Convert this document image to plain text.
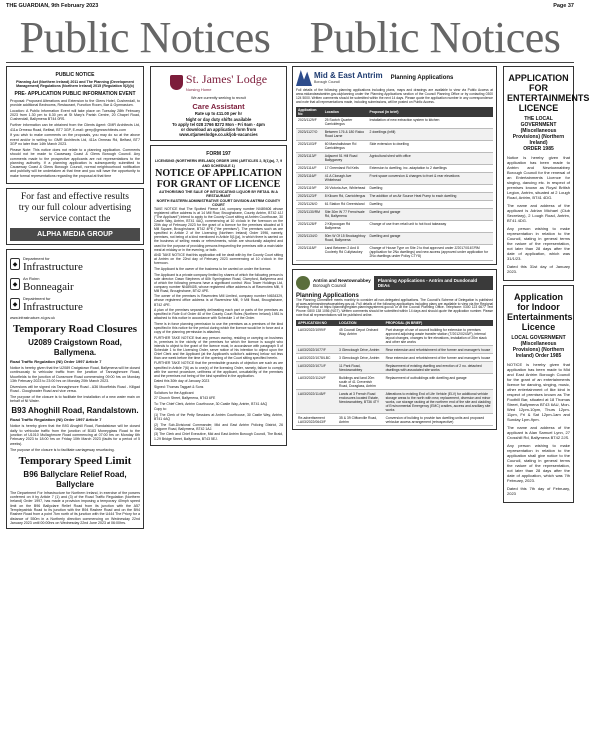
THE GUARDIAN, 9th February 2023	Page 37
Public Notices Public Notices
PUBLIC NOTICE
Planning Act (Northern Ireland) 2011 and The Planning (Development Management) Regulations (Northern Ireland) 2015 (Regulation 5(2)(b)
PRE- APPLICATION PUBLIC INFORMATION EVENT

Proposal: Proposed Alterations and Extension to the Glens Hotel, Cushendall, to provide additional Bedrooms, Restaurant, Function Room, Bar & Gymnasium.

Location: A Public Information Event will take place on Tuesday 28th February 2023 from 1.30 pm to 6.30 pm at St Mary's Parish Centre, 20 Chapel Road, Cushendall, Ballymena BT44 0RS.

Further information can be obtained from the Clients Agent: GMR Architects Ltd, 411a Ormeau Road, Belfast, BT7 3GP, E-mail: gerry@gmrarchitects.com

If you wish to make comments on the proposals, you may do so at the above event and/or in writing to: GMR Architects Ltd, 411a Ormeau Rd, Belfast, BT7 3GP no later than 14th March 2023.

Please Note: This notice does not relate to a planning application. Comments should not be made to Causeway Coast & Glens Borough Council. Any comments made to the prospective applicants are not representations to the planning authority. If a planning application is subsequently submitted to Causeway Coast & Glens Borough Council, normal neighbourhood notification and publicity will be undertaken at that time and you will have the opportunity to make formal representations regarding the proposal at that time

For fast and effective results
try our full colour advertising
service contact the
ALPHA MEDIA GROUP
◆
Department for
Infrastructure
◆
An Roinn
Bonneagair
◆
Depairtment fur
Infrastructure
www.infrastructure-ni.gov.uk
Temporary Road Closures
U2089 Craigstown Road, Ballymena.
Road Traffic Regulation (NI) Order 1997 Article 7

Notice is hereby given that the U2089 Craigstown Road, Ballymena will be closed continuously to vehicular traffic from the junction of Tannaghmore Road, Moorfields to the junction of Dunsmore Road commencing 09:00 hrs on Monday 13th February 2023 to 23:00 hrs on Monday 20th March 2023.

Diversions will be signed via Tannaghmore Road - A36 Moorfields Road - Killgad Road - Cloughwater Road and vice versa.

The purpose of the closure is to facilitate the installation of a new water main on behalf of NI Water.

B93 Ahoghill Road, Randalstown.
Road Traffic Regulation (NI) Order 1997 Article 7

Notice is hereby given that the B93 Ahoghill Road, Randalstown will be closed daily to vehicular traffic from the junction of B183 Moneyglass Road to the junction of U1010 Mullaghmore Road commencing at 07:00 hrs on Monday 6th February 2023 to 18:00 hrs on Friday 10th March 2023 (faults for a period of 5 weeks).

The purpose of the closure is to facilitate carriageway resurfacing.

Temporary Speed Limit
B96 Ballyclare Relief Road, Ballyclare
The Department For Infrastructure for Northern Ireland, in exercise of the powers conferred on it by Article 7 (1) and (3) of the Road Traffic Regulation (Northern Ireland) Order 1997, has made a provision imposing a temporary 40mph speed limit on the B96 Ballyclare Relief Road from its junction with the A57 Templepatrick Road to its junction with the B94 Rashee Road and on the B94 Rashee Road from a point 7km north of its junction with the U444 The Priory for a distance of 550m in a Northerly direction commencing on Wednesday 22nd January 2023 until 00:00hrs on Wednesday 22nd June 2023 at 06:00hrs.
St. James' Lodge
Nursing Home
We are currently seeking to recruit
Care Assistant
Rate up to £11.00 per hr
Night or day duty shifts available
To apply tel 028 2766 8272 Mon - Fri 9am - 4pm
or download an application form from
www.stjameslodge.co.uk/job-vacancies
FORM 197
LICENSING (NORTHERN IRELAND) ORDER 1996 (ARTICLES 2, 5(1)(a), 7, 9 AND SCHEDULE 1)
NOTICE OF APPLICATION FOR GRANT OF LICENCE
AUTHORISING THE SALE OF INTOXICATING LIQUOR BY RETAIL IN A RESTAURANT
NORTH EASTERN ADMINISTRATIVE COURT DIVISION ANTRIM COUNTY COURT

TAKE NOTICE that The Spotted Fleece Ltd, company number NI489406 whose registered office address is at 14 Mill Row, Broughshane, County Antrim, BT42 4JJ ("The Applicant") intend to apply to the County Court sitting at Antrim Courthouse, 30 Castle Way, Antrim, BT41 4AQ, commencing at 10 o'clock in the forenoon on the 20th day of February 2023 for the grant of a licence for the premises situated at 5 Mill Square, Broughshane, BT42 4PE ("the premises"). The premises such as are specified in Article 2 of the Licensing (Northern Ireland) Order 1996, namely, premises, not being of a kind mentioned in Article 5(1)(a), in which there is carried on the business of selling meals or refreshments, which are structurally adapted and used for the purpose of providing persons frequenting the premises with a main table meal at midday or in the evening, or both.

AND TAKE NOTICE that this application will be dealt with by the County Court sitting at Antrim on the 22nd day of February 2023 commencing at 10 o'clock in the forenoon.

The Applicant is the owner of the business to be carried on under the licence.

The Applicant is a private company limited by shares of which the following person is sole director: Dawn Stephens of 60b Symingtown Road, Clarryford, Ballymena and of which the following persons have a significant control: Woo Tower Holdings Ltd, company number NI489405, whose registered office address is at Ravenview Mill, 9 Mill Road, Broughshane, BT42 4PE.

The owner of the premises is Ravenview Mill Limited, company number NI634329, whose registered office address is at Ravenview Mill, 9 Mill Road, Broughshane, BT42 4PE.

A plan of the premises separately delineating each part or parts of the premises as specified in Rule 6 of Order 40 of the County Court Rules (Northern Ireland) 1981 is attached to this notice in accordance with Schedule 1 of the Order.

There is in force planning permission to use the premises as a premises of the kind specified in this notice for the period during which the licence would be in force and a copy of the planning permission is attached.

FURTHER TAKE NOTICE that any person owning, residing or carrying on business in, premises in the vicinity of the premises for which the licence is sought who intends to object to the grant of the licence must, in accordance with paragraph 5 of Schedule 1 to the Licensing Order, serve notice of his intention to object upon the Chief Clerk and the Applicant (at the Applicant's solicitor's address) below not less than one week before the time of the opening of the Court sitting specified herein.

FURTHER TAKE NOTICE that the permissible grounds of objection are such as are specified in Article 7(6) as to one(s) of the licensing Order, namely, failure to comply with the correct procedure, unfitness of the applicant, unsuitability of the premises and the premises not being of the kind specified in the application.

Dated this 30th day of January 2023

Signed: Thomas Taggart & Sons

Solicitors for the Applicant

27 Church Street, Ballymena, BT43 6FE

To: The Chief Clerk, Antrim Courthouse, 30 Castle Way, Antrim, BT41 4AQ

Copy to:

(1) The Clerk of the Petty Sessions at Antrim Courthouse, 30 Castle Way, Antrim, BT41 4AQ

(2) The Sub-Divisional Commander, Mid and East Antrim Policing District, 26 Galgorm Road, Ballymena, BT42 1AJ.

(3) The Clerk and Chief Executive, Mid and East Antrim Borough Council, The Braid, 1-29 Bridge Street, Ballymena, BT43 5EJ.

Mid & East Antrim
Borough Council
Planning Applications
Full details of the following planning applications including plans, maps and drawings are available to view via Public Access at www.midandeastantrim.gov.uk/planning under the Planning Applications section of the Council Planning Office or by contacting 0300 124 5000. Written comments should be submitted within the next 14 days. Please quote the application number in any correspondence and note that all representations made, including submissions, will be posted on Public Access.
Application No	Location	Proposal (in brief)
2023/1129/F	25 Scotch Quarter Carrickfergus	Installation of new extraction system to kitchen
2023/1127/O	Between 176 & 180 Raloo Road Larne	2 dwellings (infill)
2023/1103/F	60 Marshallstown Rd Carrickfergus	Side extension to dwelling
2023/1113/F	Adjacent 51 Hill Road Ballygarvey	Agricultural shed with office
2023/1114/F	17 Greenland Rd Kells	Extension to dwelling, inc. adaptation to 2 dwellings
2023/1116/F	41 A Clonagh Ave Whitehead	Front space conversion & changes to front & rear elevations
2023/1119/F	26 Victoria Ave, Whitehead	Dwelling
2023/1123/F	8 Kilcarn Rd, Carrickfergus	The addition of an Air Source Heat Pump to each dwelling
2023/1126/O	61 Station Rd Greenisland	Dwelling
2023/1130/RM	Site 30m W 77 Frenchvale Rd, Ballymena	Dwelling and garage
2023/1128/F	2 Killycoogan Rd Ballymena	Change of use from retail unit to hot food takeaway
2023/1134/O	50m W Of 15 Brockaghboy Road, Ballymena	Dwelling and garage
2023/1118/F	Land Between 2 And 8 Cooleely Rd Cullybackey	Change of House Type on Site 2 to that approved under Z/2017/0167/RM (application for 2No dwellings) and new access (approved under application for 2No dwellings under Policy CTY8)
Antrim and Newtownabbey
Borough Council
Planning Applications - Antrim and Dundonald DEAs
Planning Applications
The Planning Committee meets monthly to consider all non-delegated applications. The Council's Scheme of Delegation is published at www.antrimandnewtownabbey.gov.uk. Full details of the following applications including plans are available to view via the Regional Planning Portal at https://planningregister.planningsystemni.gov.uk or at the Council Planning Office. Telephone: 0300 123 6677 Text Phone: 0800 138 1056 (NGT). Written comments should be submitted within 14 days and should quote the application number. Please note that all representations will be published online.
APPLICATION NO	LOCATION	PROPOSAL (IN BRIEF)
LA03/2022/1099/F	45 Council Depot Orchard Way, Antrim	Part change of use of council building for extension to premises approved adjoining waste transfer station (T/2012/0243/F), internal layout changes, changes to fire elevations, installation of 20m stack and other site works
LA03/2022/1077/F	3 Glenclough Drive, Antrim	Rear extension and refurbishment of the former and manager's house
LA03/2022/1078/LBC	3 Glenclough Drive, Antrim	Rear extension and refurbishment of the former and manager's house
LA03/2022/1071/F	11 Park Road, Newtownabbey	Replacement of existing dwelling and erection of 2 no. detached dwellings with associated site works
LA03/2022/1124/F	Buildings and land 20m south of 41 Crevenish Road, Doraglass, Antrim	Replacement of outbuildings with dwelling and garage
LA03/2022/1145/F	Lands at 3 French Road enclosures located Estate, Newtownabbey, BT36 4TY	Alterations to existing End of Life Vehicle (ELV) for additional vehicle storage areas to the north with new, replacement, diversion and minor works, car storage racking at the northern end of the site and cladding of Environmental Emergency (EMC) cradles, access and ancillary site works
Re-advertisement LA03/2022/0643/F	35 & 39 Cliftonville Road, Antrim	Conversion of building to provide two dwelling units and proposed vehicular access arrangement (retrospective)
APPLICATION FOR ENTERTAINMENTS LICENCE
THE LOCAL GOVERNMENT (Miscellaneous Provisions) (Northern Ireland)
ORDER 1985

Notice is hereby given that application has been made to Antrim and Newtownabbey Borough Council for the renewal of an Entertainments Licence for singing, dancing etc. in respect of premises known as Royal British Legion, Antrim, situated at 2 Lough Road, Antrim, BT41 4DG.

The name and address of the applicant is Adrian Michael (Club Secretary), 2 Lough Road, Antrim, BT41 4DG.

Any person wishing to make representation in relation to the Council, stating in general terms the nature of the representation, not later than 28 days after the date of application, which was 31/1/23.

Dated this 31st day of January 2023.

Application for Indoor Entertainments Licence
LOCAL GOVERNMENT (Miscellaneous Provisions) (Northern Ireland) Order 1985

NOTICE is hereby given that application has been made to Mid and East Antrim Borough Council for the grant of an entertainments licence for dancing, singing, music, other entertainment of like kind in respect of premises known as The Foothill Bar, situated at 18 Thomas Street, Ballymena BT43 6AU, Mon-Wed 12pm-10pm, Thurs 12pm-11pm, Fri & Sat 12pm-1am and Sunday 1pm-9pm.

The name and address of the applicant is Alan Samuel Lynn, 27 Crosshill Rd, Ballymena BT42 2JS.

Any person wishing to make representation in relation to the application shall give notice to the Council, stating in general terms the nature of the representation, not later than 28 days after the date of application, which was 7th February, 2023.

Dated this 7th day of February, 2023
